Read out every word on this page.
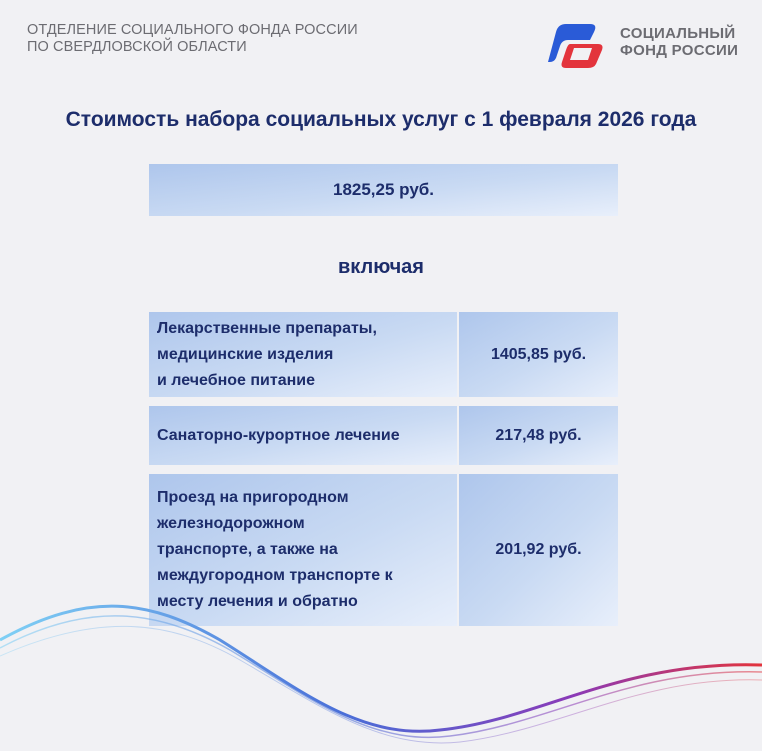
ОТДЕЛЕНИЕ СОЦИАЛЬНОГО ФОНДА РОССИИ
ПО СВЕРДЛОВСКОЙ ОБЛАСТИ
СОЦИАЛЬНЫЙ
ФОНД РОССИИ
Стоимость набора социальных услуг с 1 февраля 2026 года
1825,25 руб.
включая
Лекарственные препараты,
медицинские изделия
и лечебное питание
1405,85 руб.
Санаторно-курортное лечение	217,48 руб.
Проезд на пригородном
железнодорожном
транспорте, а также на
междугородном транспорте к
месту лечения и обратно
201,92 руб.
